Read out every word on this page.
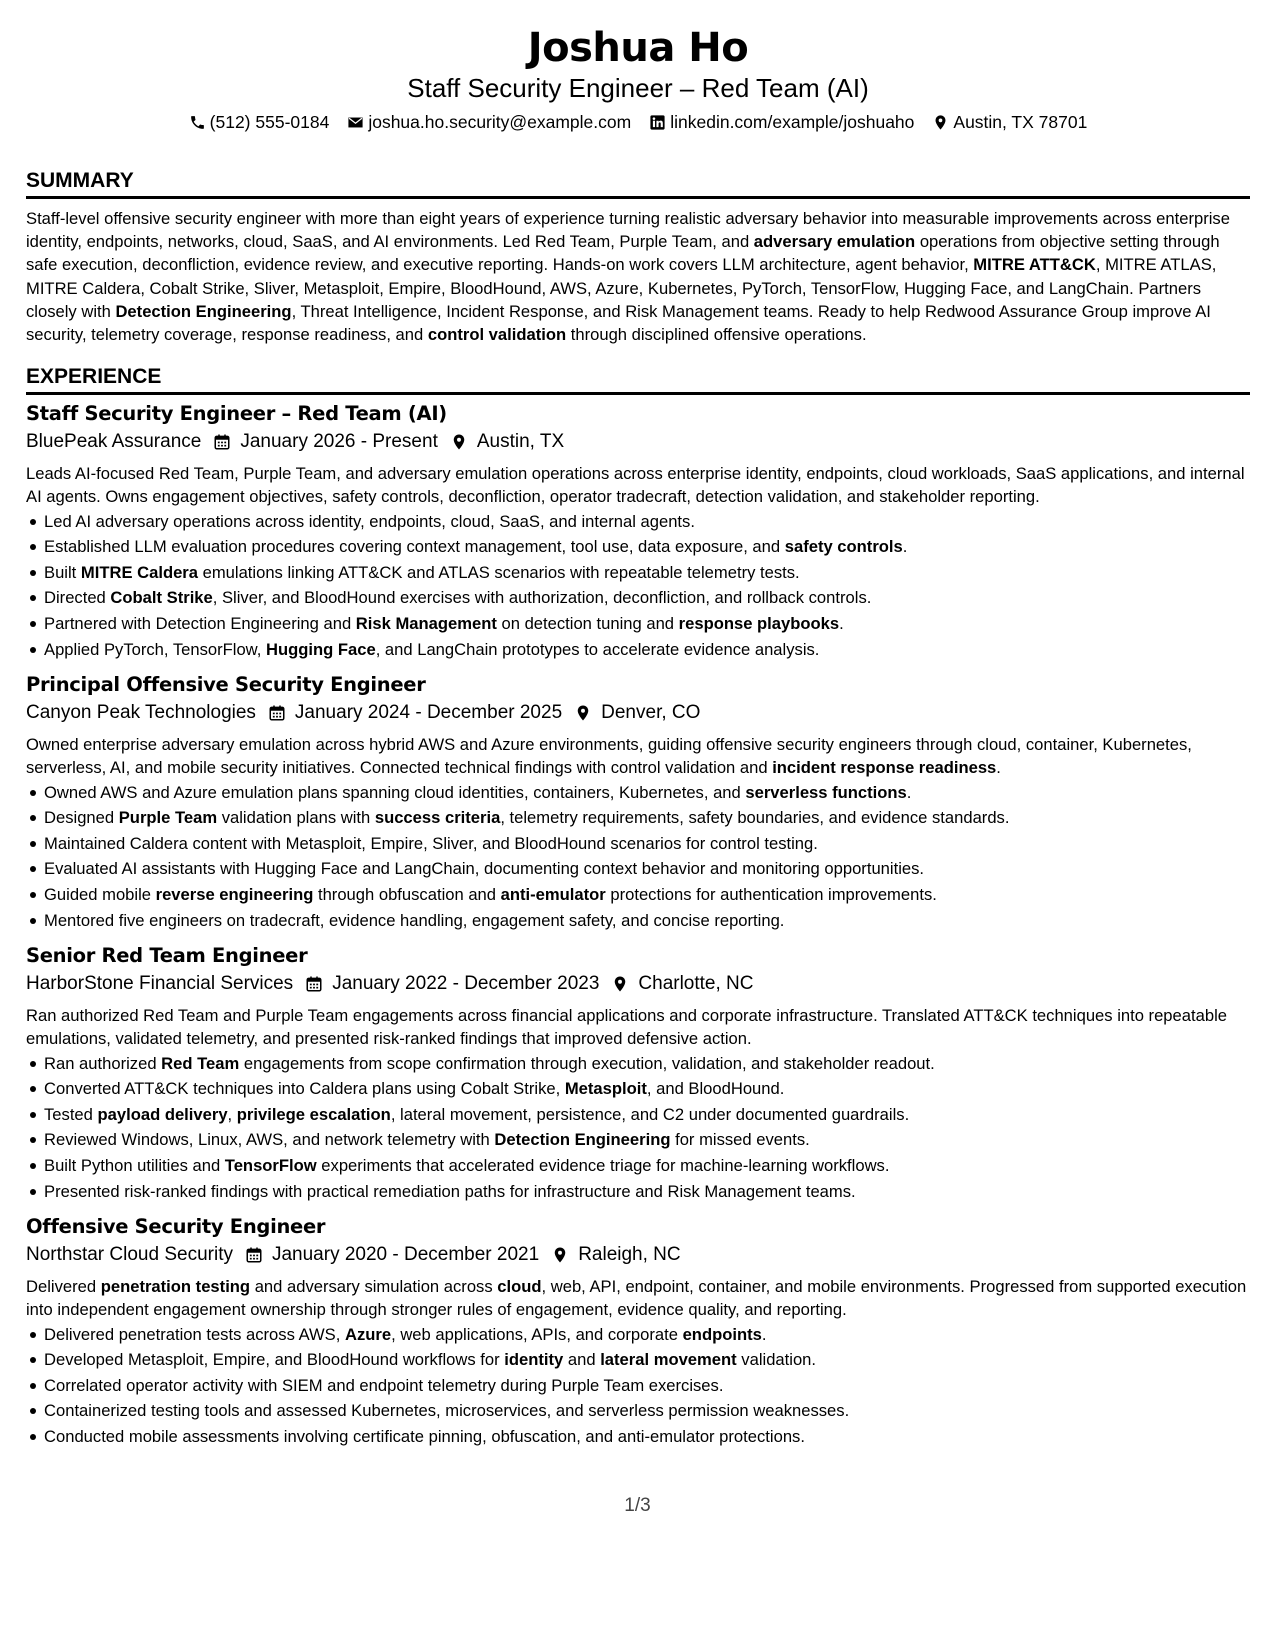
Joshua Ho
Staff Security Engineer – Red Team (AI)
(512) 555-0184 joshua.ho.security@example.com linkedin.com/example/joshuaho Austin, TX 78701
SUMMARY

Staff-level offensive security engineer with more than eight years of experience turning realistic adversary behavior into measurable improvements across enterprise identity, endpoints, networks, cloud, SaaS, and AI environments. Led Red Team, Purple Team, and adversary emulation operations from objective setting through safe execution, deconfliction, evidence review, and executive reporting. Hands-on work covers LLM architecture, agent behavior, MITRE ATT&CK, MITRE ATLAS, MITRE Caldera, Cobalt Strike, Sliver, Metasploit, Empire, BloodHound, AWS, Azure, Kubernetes, PyTorch, TensorFlow, Hugging Face, and LangChain. Partners closely with Detection Engineering, Threat Intelligence, Incident Response, and Risk Management teams. Ready to help Redwood Assurance Group improve AI security, telemetry coverage, response readiness, and control validation through disciplined offensive operations.

EXPERIENCE
Staff Security Engineer – Red Team (AI)
BluePeak Assurance January 2026 - Present Austin, TX

Leads AI-focused Red Team, Purple Team, and adversary emulation operations across enterprise identity, endpoints, cloud workloads, SaaS applications, and internal AI agents. Owns engagement objectives, safety controls, deconfliction, operator tradecraft, detection validation, and stakeholder reporting.

Led AI adversary operations across identity, endpoints, cloud, SaaS, and internal agents.
Established LLM evaluation procedures covering context management, tool use, data exposure, and safety controls.
Built MITRE Caldera emulations linking ATT&CK and ATLAS scenarios with repeatable telemetry tests.
Directed Cobalt Strike, Sliver, and BloodHound exercises with authorization, deconfliction, and rollback controls.
Partnered with Detection Engineering and Risk Management on detection tuning and response playbooks.
Applied PyTorch, TensorFlow, Hugging Face, and LangChain prototypes to accelerate evidence analysis.
Principal Offensive Security Engineer
Canyon Peak Technologies January 2024 - December 2025 Denver, CO

Owned enterprise adversary emulation across hybrid AWS and Azure environments, guiding offensive security engineers through cloud, container, Kubernetes, serverless, AI, and mobile security initiatives. Connected technical findings with control validation and incident response readiness.

Owned AWS and Azure emulation plans spanning cloud identities, containers, Kubernetes, and serverless functions.
Designed Purple Team validation plans with success criteria, telemetry requirements, safety boundaries, and evidence standards.
Maintained Caldera content with Metasploit, Empire, Sliver, and BloodHound scenarios for control testing.
Evaluated AI assistants with Hugging Face and LangChain, documenting context behavior and monitoring opportunities.
Guided mobile reverse engineering through obfuscation and anti-emulator protections for authentication improvements.
Mentored five engineers on tradecraft, evidence handling, engagement safety, and concise reporting.
Senior Red Team Engineer
HarborStone Financial Services January 2022 - December 2023 Charlotte, NC

Ran authorized Red Team and Purple Team engagements across financial applications and corporate infrastructure. Translated ATT&CK techniques into repeatable emulations, validated telemetry, and presented risk-ranked findings that improved defensive action.

Ran authorized Red Team engagements from scope confirmation through execution, validation, and stakeholder readout.
Converted ATT&CK techniques into Caldera plans using Cobalt Strike, Metasploit, and BloodHound.
Tested payload delivery, privilege escalation, lateral movement, persistence, and C2 under documented guardrails.
Reviewed Windows, Linux, AWS, and network telemetry with Detection Engineering for missed events.
Built Python utilities and TensorFlow experiments that accelerated evidence triage for machine-learning workflows.
Presented risk-ranked findings with practical remediation paths for infrastructure and Risk Management teams.
Offensive Security Engineer
Northstar Cloud Security January 2020 - December 2021 Raleigh, NC

Delivered penetration testing and adversary simulation across cloud, web, API, endpoint, container, and mobile environments. Progressed from supported execution into independent engagement ownership through stronger rules of engagement, evidence quality, and reporting.

Delivered penetration tests across AWS, Azure, web applications, APIs, and corporate endpoints.
Developed Metasploit, Empire, and BloodHound workflows for identity and lateral movement validation.
Correlated operator activity with SIEM and endpoint telemetry during Purple Team exercises.
Containerized testing tools and assessed Kubernetes, microservices, and serverless permission weaknesses.
Conducted mobile assessments involving certificate pinning, obfuscation, and anti-emulator protections.
1/3
